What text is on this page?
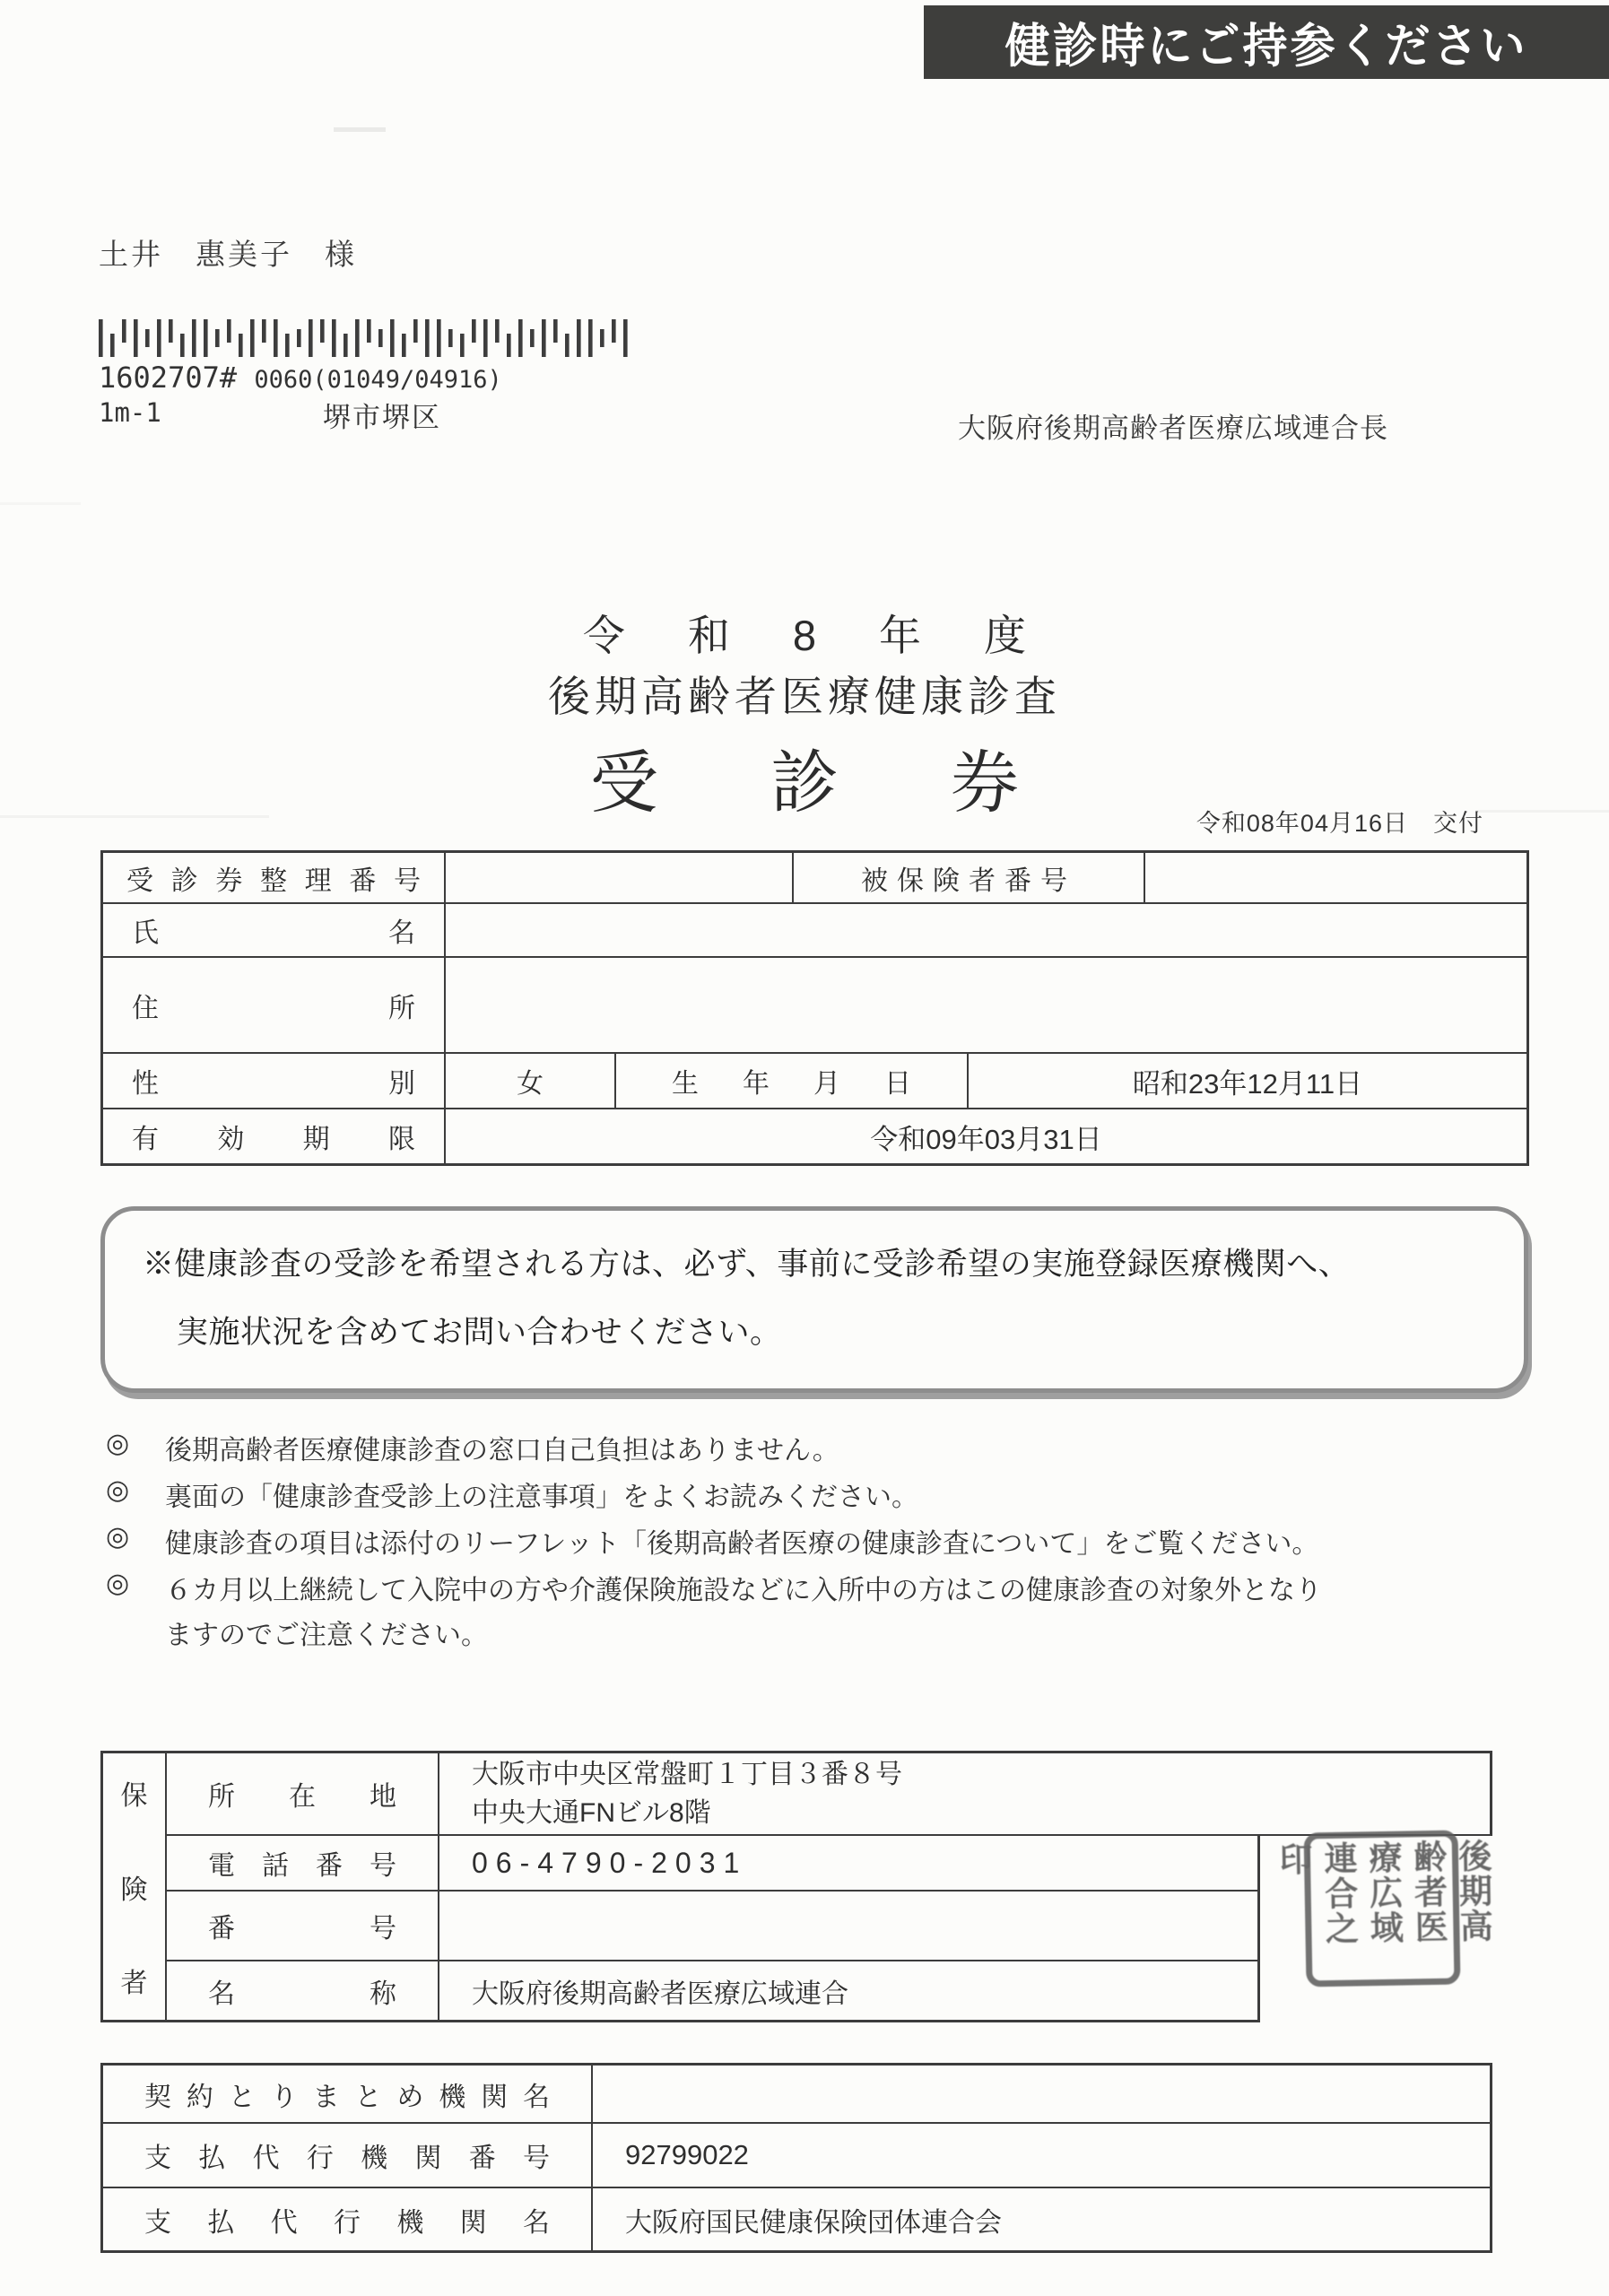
健診時にご持参ください
土井　惠美子　様
1602707# 0060(01049/04916)
1m-1	堺市堺区	大阪府後期高齢者医療広域連合長
令和8年度
後期高齢者医療健康診査
受診券
令和08年04月16日　交付
受診券整理番号	被保険者番号
氏名
住所
性別	女	生年月日	昭和23年12月11日
有効期限	令和09年03月31日
※健康診査の受診を希望される方は、必ず、事前に受診希望の実施登録医療機関へ、
実施状況を含めてお問い合わせください。
◎	後期高齢者医療健康診査の窓口自己負担はありません。
◎	裏面の「健康診査受診上の注意事項」をよくお読みください。
◎	健康診査の項目は添付のリーフレット「後期高齢者医療の健康診査について」をご覧ください。
◎	６カ月以上継続して入院中の方や介護保険施設などに入所中の方はこの健康診査の対象外となり
ますのでご注意ください。
保
険
者
所在地
大阪市中央区常盤町１丁目３番８号
中央大通FNビル8階
電話番号	06-4790-2031
番号
名称	大阪府後期高齢者医療広域連合
後期高齢者医療広域連合之印
契約とりまとめ機関名
支払代行機関番号	92799022
支払代行機関名	大阪府国民健康保険団体連合会
